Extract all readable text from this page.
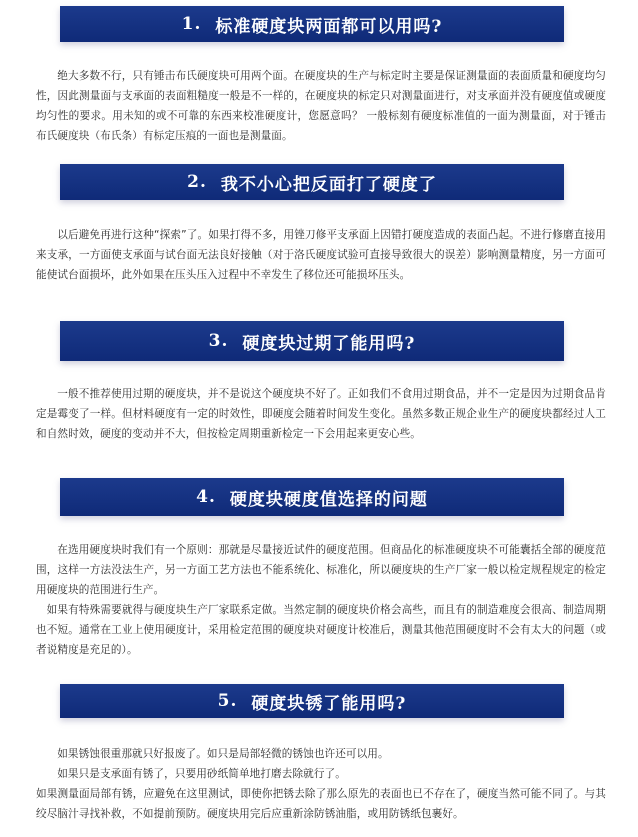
1. 标准硬度块两面都可以用吗?

绝大多数不行，只有锤击布氏硬度块可用两个面。在硬度块的生产与标定时主要是保证测量面的表面质量和硬度均匀性，因此测量面与支承面的表面粗糙度一般是不一样的，在硬度块的标定只对测量面进行，对支承面并没有硬度值或硬度均匀性的要求。用未知的或不可靠的东西来校准硬度计，您愿意吗？ 一般标刻有硬度标准值的一面为测量面，对于锤击布氏硬度块（布氏条）有标定压痕的一面也是测量面。

2. 我不小心把反面打了硬度了

以后避免再进行这种“探索”了。如果打得不多，用锉刀修平支承面上因错打硬度造成的表面凸起。不进行修磨直接用来支承，一方面使支承面与试台面无法良好接触（对于洛氏硬度试验可直接导致很大的误差）影响测量精度，另一方面可能使试台面损坏，此外如果在压头压入过程中不幸发生了移位还可能损坏压头。

3. 硬度块过期了能用吗?

一般不推荐使用过期的硬度块，并不是说这个硬度块不好了。正如我们不食用过期食品，并不一定是因为过期食品肯定是霉变了一样。但材料硬度有一定的时效性，即硬度会随着时间发生变化。虽然多数正规企业生产的硬度块都经过人工和自然时效，硬度的变动并不大，但按检定周期重新检定一下会用起来更安心些。

4. 硬度块硬度值选择的问题

在选用硬度块时我们有一个原则：那就是尽量接近试件的硬度范围。但商品化的标准硬度块不可能囊括全部的硬度范围，这样一方法没法生产，另一方面工艺方法也不能系统化、标准化，所以硬度块的生产厂家一般以检定规程规定的检定用硬度块的范围进行生产。

如果有特殊需要就得与硬度块生产厂家联系定做。当然定制的硬度块价格会高些，而且有的制造难度会很高、制造周期也不短。通常在工业上使用硬度计，采用检定范围的硬度块对硬度计校准后，测量其他范围硬度时不会有太大的问题（或者说精度是充足的）。

5. 硬度块锈了能用吗?

如果锈蚀很重那就只好报废了。如只是局部轻微的锈蚀也许还可以用。

如果只是支承面有锈了，只要用砂纸简单地打磨去除就行了。

如果测量面局部有锈，应避免在这里测试，即使你把锈去除了那么原先的表面也已不存在了，硬度当然可能不同了。与其绞尽脑汁寻找补救，不如提前预防。硬度块用完后应重新涂防锈油脂，或用防锈纸包裹好。
